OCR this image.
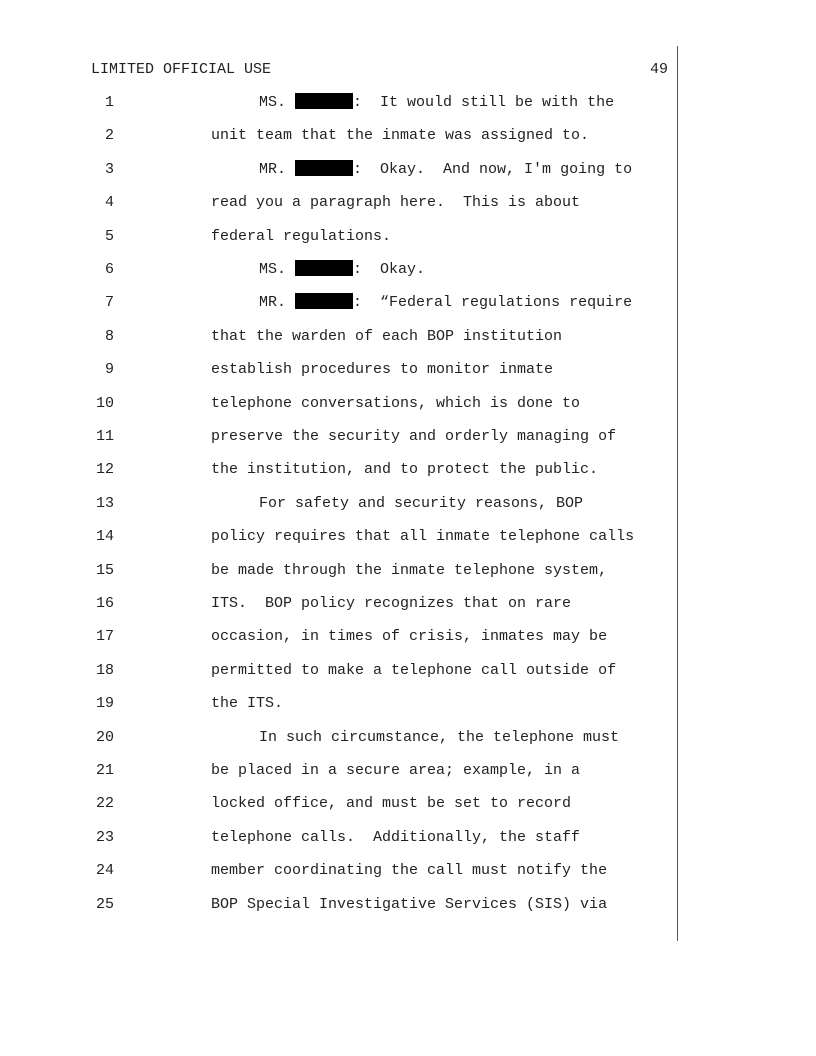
LIMITED OFFICIAL USE	49
1	MS.	:  It would still be with the
2	unit team that the inmate was assigned to.
3	MR.	:  Okay.  And now, I'm going to
4	read you a paragraph here.  This is about
5	federal regulations.
6	MS.	:  Okay.
7	MR.	:  “Federal regulations require
8	that the warden of each BOP institution
9	establish procedures to monitor inmate
10	telephone conversations, which is done to
11	preserve the security and orderly managing of
12	the institution, and to protect the public.
13	For safety and security reasons, BOP
14	policy requires that all inmate telephone calls
15	be made through the inmate telephone system,
16	ITS.  BOP policy recognizes that on rare
17	occasion, in times of crisis, inmates may be
18	permitted to make a telephone call outside of
19	the ITS.
20	In such circumstance, the telephone must
21	be placed in a secure area; example, in a
22	locked office, and must be set to record
23	telephone calls.  Additionally, the staff
24	member coordinating the call must notify the
25	BOP Special Investigative Services (SIS) via
